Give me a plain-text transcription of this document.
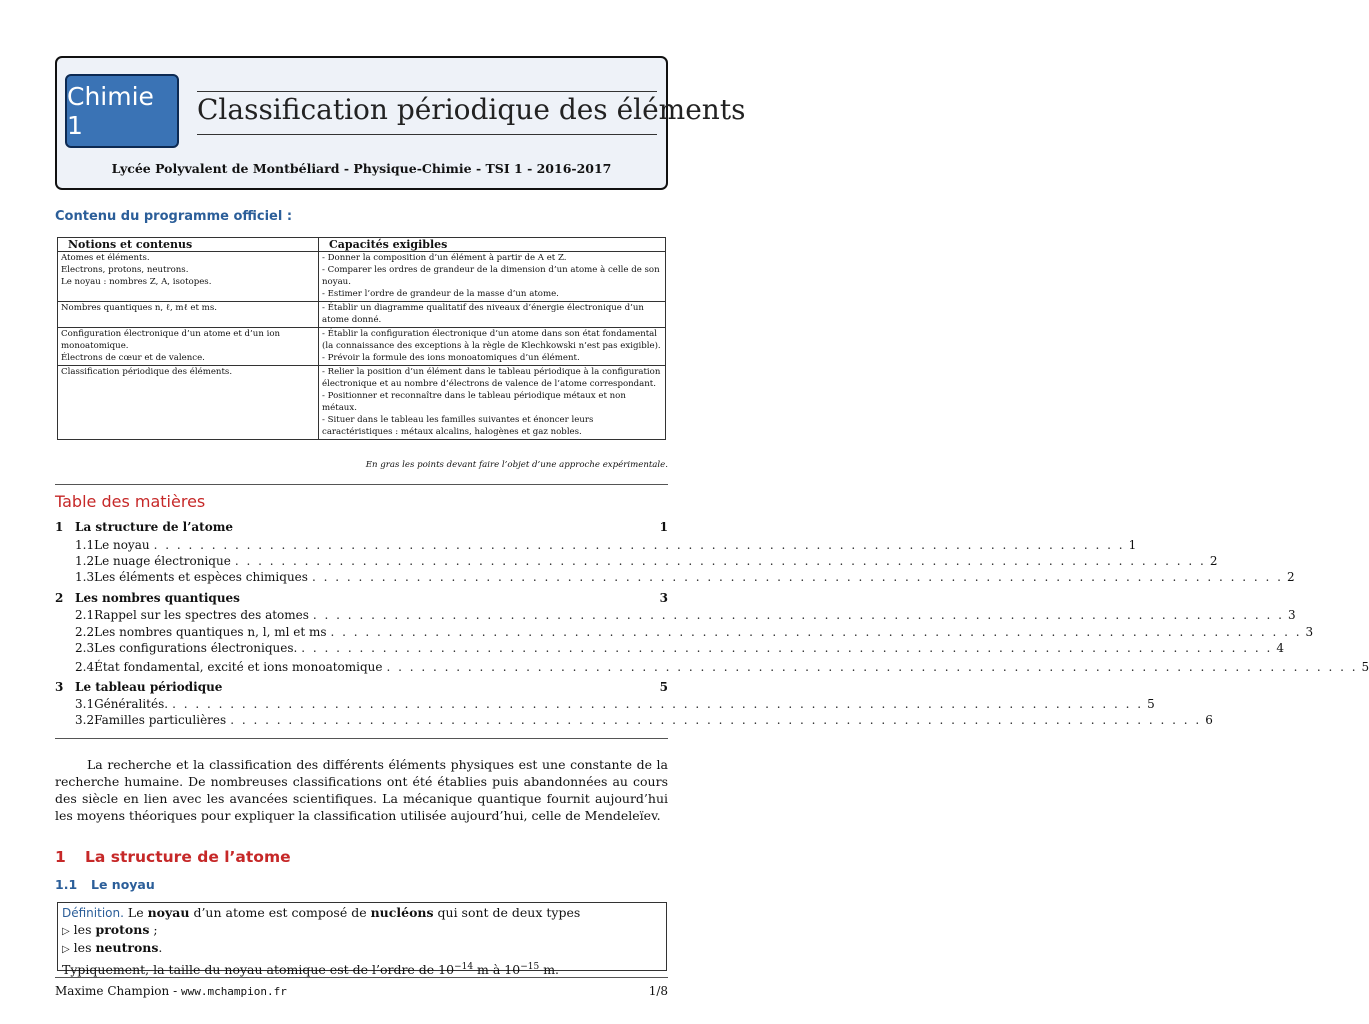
Chimie 1	Classification périodique des éléments
Lycée Polyvalent de Montbéliard - Physique-Chimie - TSI 1 - 2016-2017
Contenu du programme officiel :
Notions et contenus	Capacités exigibles

Atomes et éléments.
Electrons, protons, neutrons.
Le noyau : nombres Z, A, isotopes.	- Donner la composition d’un élément à partir de A et Z.
- Comparer les ordres de grandeur de la dimension d’un atome à celle de son noyau.
- Estimer l’ordre de grandeur de la masse d’un atome.

Nombres quantiques n, ℓ, mℓ et ms.	- Établir un diagramme qualitatif des niveaux d’énergie électronique d’un atome donné.

Configuration électronique d’un atome et d’un ion monoatomique.
Électrons de cœur et de valence.	- Établir la configuration électronique d’un atome dans son état fondamental (la connaissance des exceptions à la règle de Klechkowski n’est pas exigible).
- Prévoir la formule des ions monoatomiques d’un élément.

Classification périodique des éléments.	- Relier la position d’un élément dans le tableau périodique à la configuration électronique et au nombre d’électrons de valence de l’atome correspondant.
- Positionner et reconnaître dans le tableau périodique métaux et non métaux.
- Situer dans le tableau les familles suivantes et énoncer leurs caractéristiques : métaux alcalins, halogènes et gaz nobles.
En gras les points devant faire l’objet d’une approche expérimentale.
Table des matières
1 La structure de l’atome	1
1.1 Le noyau . . . . . . . . . . . . . . . . . . . . . . . . . . . . . . . . . . . . . . . . . . . . . . . . . . . . . . . . . . . . . . . . . . . . . . . . . . . . . . . . . . . . 1
1.2 Le nuage électronique . . . . . . . . . . . . . . . . . . . . . . . . . . . . . . . . . . . . . . . . . . . . . . . . . . . . . . . . . . . . . . . . . . . . . . . . . . . . . . . . . . . . 2
1.3 Les éléments et espèces chimiques . . . . . . . . . . . . . . . . . . . . . . . . . . . . . . . . . . . . . . . . . . . . . . . . . . . . . . . . . . . . . . . . . . . . . . . . . . . . . . . . . . . . 2
2 Les nombres quantiques	3
2.1 Rappel sur les spectres des atomes . . . . . . . . . . . . . . . . . . . . . . . . . . . . . . . . . . . . . . . . . . . . . . . . . . . . . . . . . . . . . . . . . . . . . . . . . . . . . . . . . . . . 3
2.2 Les nombres quantiques n, l, ml et ms . . . . . . . . . . . . . . . . . . . . . . . . . . . . . . . . . . . . . . . . . . . . . . . . . . . . . . . . . . . . . . . . . . . . . . . . . . . . . . . . . . . . 3
2.3 Les configurations électroniques. . . . . . . . . . . . . . . . . . . . . . . . . . . . . . . . . . . . . . . . . . . . . . . . . . . . . . . . . . . . . . . . . . . . . . . . . . . . . . . . . . . . . 4
2.4 État fondamental, excité et ions monoatomique . . . . . . . . . . . . . . . . . . . . . . . . . . . . . . . . . . . . . . . . . . . . . . . . . . . . . . . . . . . . . . . . . . . . . . . . . . . . . . . . . . . . 5
3 Le tableau périodique	5
3.1 Généralités. . . . . . . . . . . . . . . . . . . . . . . . . . . . . . . . . . . . . . . . . . . . . . . . . . . . . . . . . . . . . . . . . . . . . . . . . . . . . . . . . . . . . 5
3.2 Familles particulières . . . . . . . . . . . . . . . . . . . . . . . . . . . . . . . . . . . . . . . . . . . . . . . . . . . . . . . . . . . . . . . . . . . . . . . . . . . . . . . . . . . . 6
La recherche et la classification des différents éléments physiques est une constante de la recherche humaine. De nombreuses classifications ont été établies puis abandonnées au cours des siècle en lien avec les avancées scientifiques. La mécanique quantique fournit aujourd’hui les moyens théoriques pour expliquer la classification utilisée aujourd’hui, celle de Mendeleïev.
1	La structure de l’atome
1.1	Le noyau
Définition. Le noyau d’un atome est composé de nucléons qui sont de deux types
▷ les protons ;
▷ les neutrons.
Typiquement, la taille du noyau atomique est de l’ordre de $10^{-14}$ m à $10^{-15}$ m.
Maxime Champion - www.mchampion.fr	1/8
